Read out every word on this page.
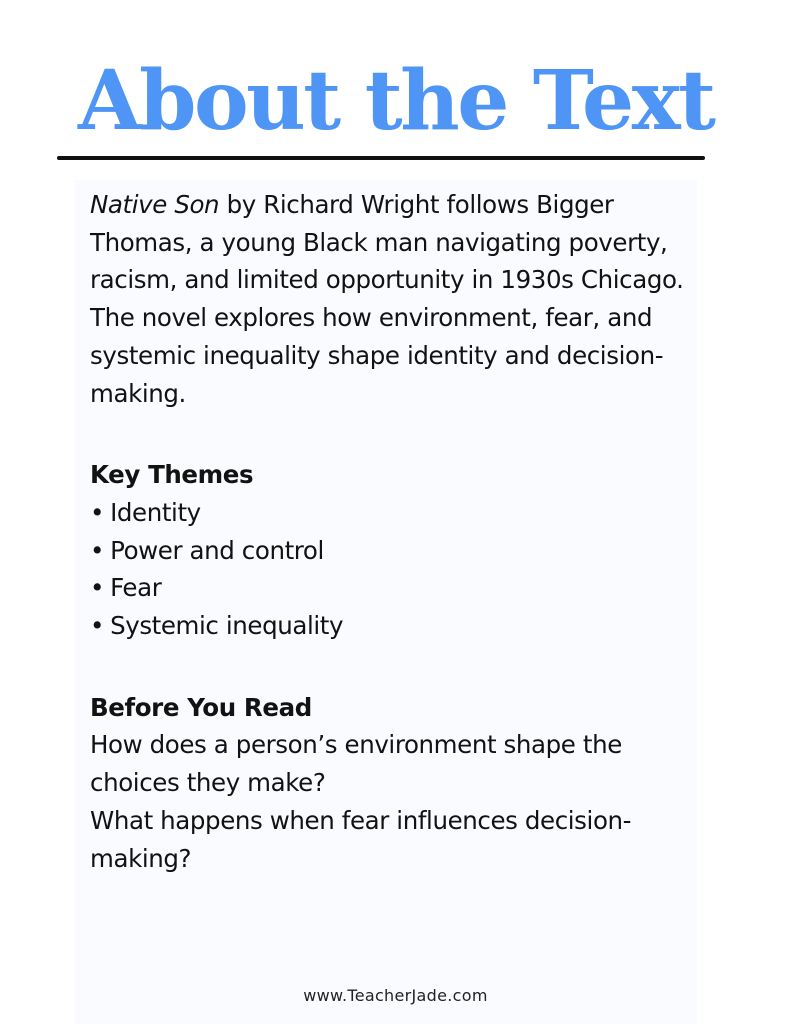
About the Text

Native Son by Richard Wright follows Bigger Thomas, a young Black man navigating poverty, racism, and limited opportunity in 1930s Chicago. The novel explores how environment, fear, and systemic inequality shape identity and decision-making.

Key Themes
• Identity
• Power and control
• Fear
• Systemic inequality
Before You Read

How does a person’s environment shape the choices they make?

What happens when fear influences decision-making?

www.TeacherJade.com
